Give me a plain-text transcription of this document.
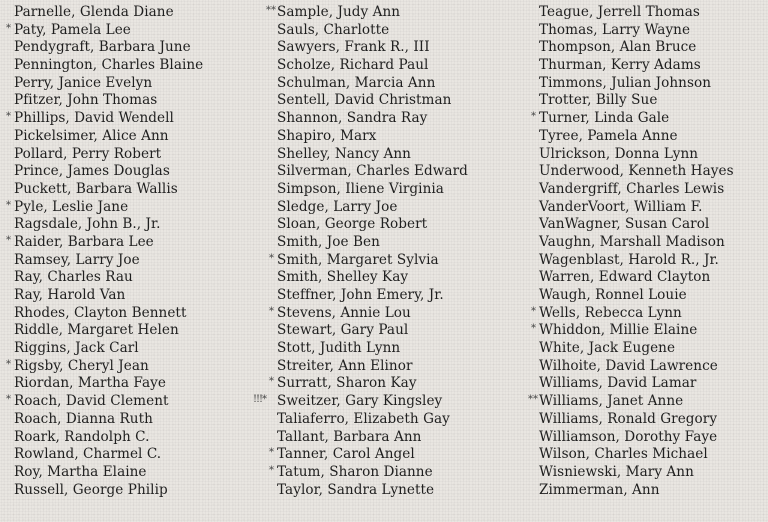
Parnelle, Glenda Diane
* Paty, Pamela Lee
Pendygraft, Barbara June
Pennington, Charles Blaine
Perry, Janice Evelyn
Pfitzer, John Thomas
* Phillips, David Wendell
Pickelsimer, Alice Ann
Pollard, Perry Robert
Prince, James Douglas
Puckett, Barbara Wallis
* Pyle, Leslie Jane
Ragsdale, John B., Jr.
* Raider, Barbara Lee
Ramsey, Larry Joe
Ray, Charles Rau
Ray, Harold Van
Rhodes, Clayton Bennett
Riddle, Margaret Helen
Riggins, Jack Carl
* Rigsby, Cheryl Jean
Riordan, Martha Faye
* Roach, David Clement
Roach, Dianna Ruth
Roark, Randolph C.
Rowland, Charmel C.
Roy, Martha Elaine
Russell, George Philip
** Sample, Judy Ann
Sauls, Charlotte
Sawyers, Frank R., III
Scholze, Richard Paul
Schulman, Marcia Ann
Sentell, David Christman
Shannon, Sandra Ray
Shapiro, Marx
Shelley, Nancy Ann
Silverman, Charles Edward
Simpson, Iliene Virginia
Sledge, Larry Joe
Sloan, George Robert
Smith, Joe Ben
* Smith, Margaret Sylvia
Smith, Shelley Kay
Steffner, John Emery, Jr.
* Stevens, Annie Lou
Stewart, Gary Paul
Stott, Judith Lynn
Streiter, Ann Elinor
* Surratt, Sharon Kay
!!!* Sweitzer, Gary Kingsley
Taliaferro, Elizabeth Gay
Tallant, Barbara Ann
* Tanner, Carol Angel
* Tatum, Sharon Dianne
Taylor, Sandra Lynette
Teague, Jerrell Thomas
Thomas, Larry Wayne
Thompson, Alan Bruce
Thurman, Kerry Adams
Timmons, Julian Johnson
Trotter, Billy Sue
* Turner, Linda Gale
Tyree, Pamela Anne
Ulrickson, Donna Lynn
Underwood, Kenneth Hayes
Vandergriff, Charles Lewis
VanderVoort, William F.
VanWagner, Susan Carol
Vaughn, Marshall Madison
Wagenblast, Harold R., Jr.
Warren, Edward Clayton
Waugh, Ronnel Louie
* Wells, Rebecca Lynn
* Whiddon, Millie Elaine
White, Jack Eugene
Wilhoite, David Lawrence
Williams, David Lamar
** Williams, Janet Anne
Williams, Ronald Gregory
Williamson, Dorothy Faye
Wilson, Charles Michael
Wisniewski, Mary Ann
Zimmerman, Ann
